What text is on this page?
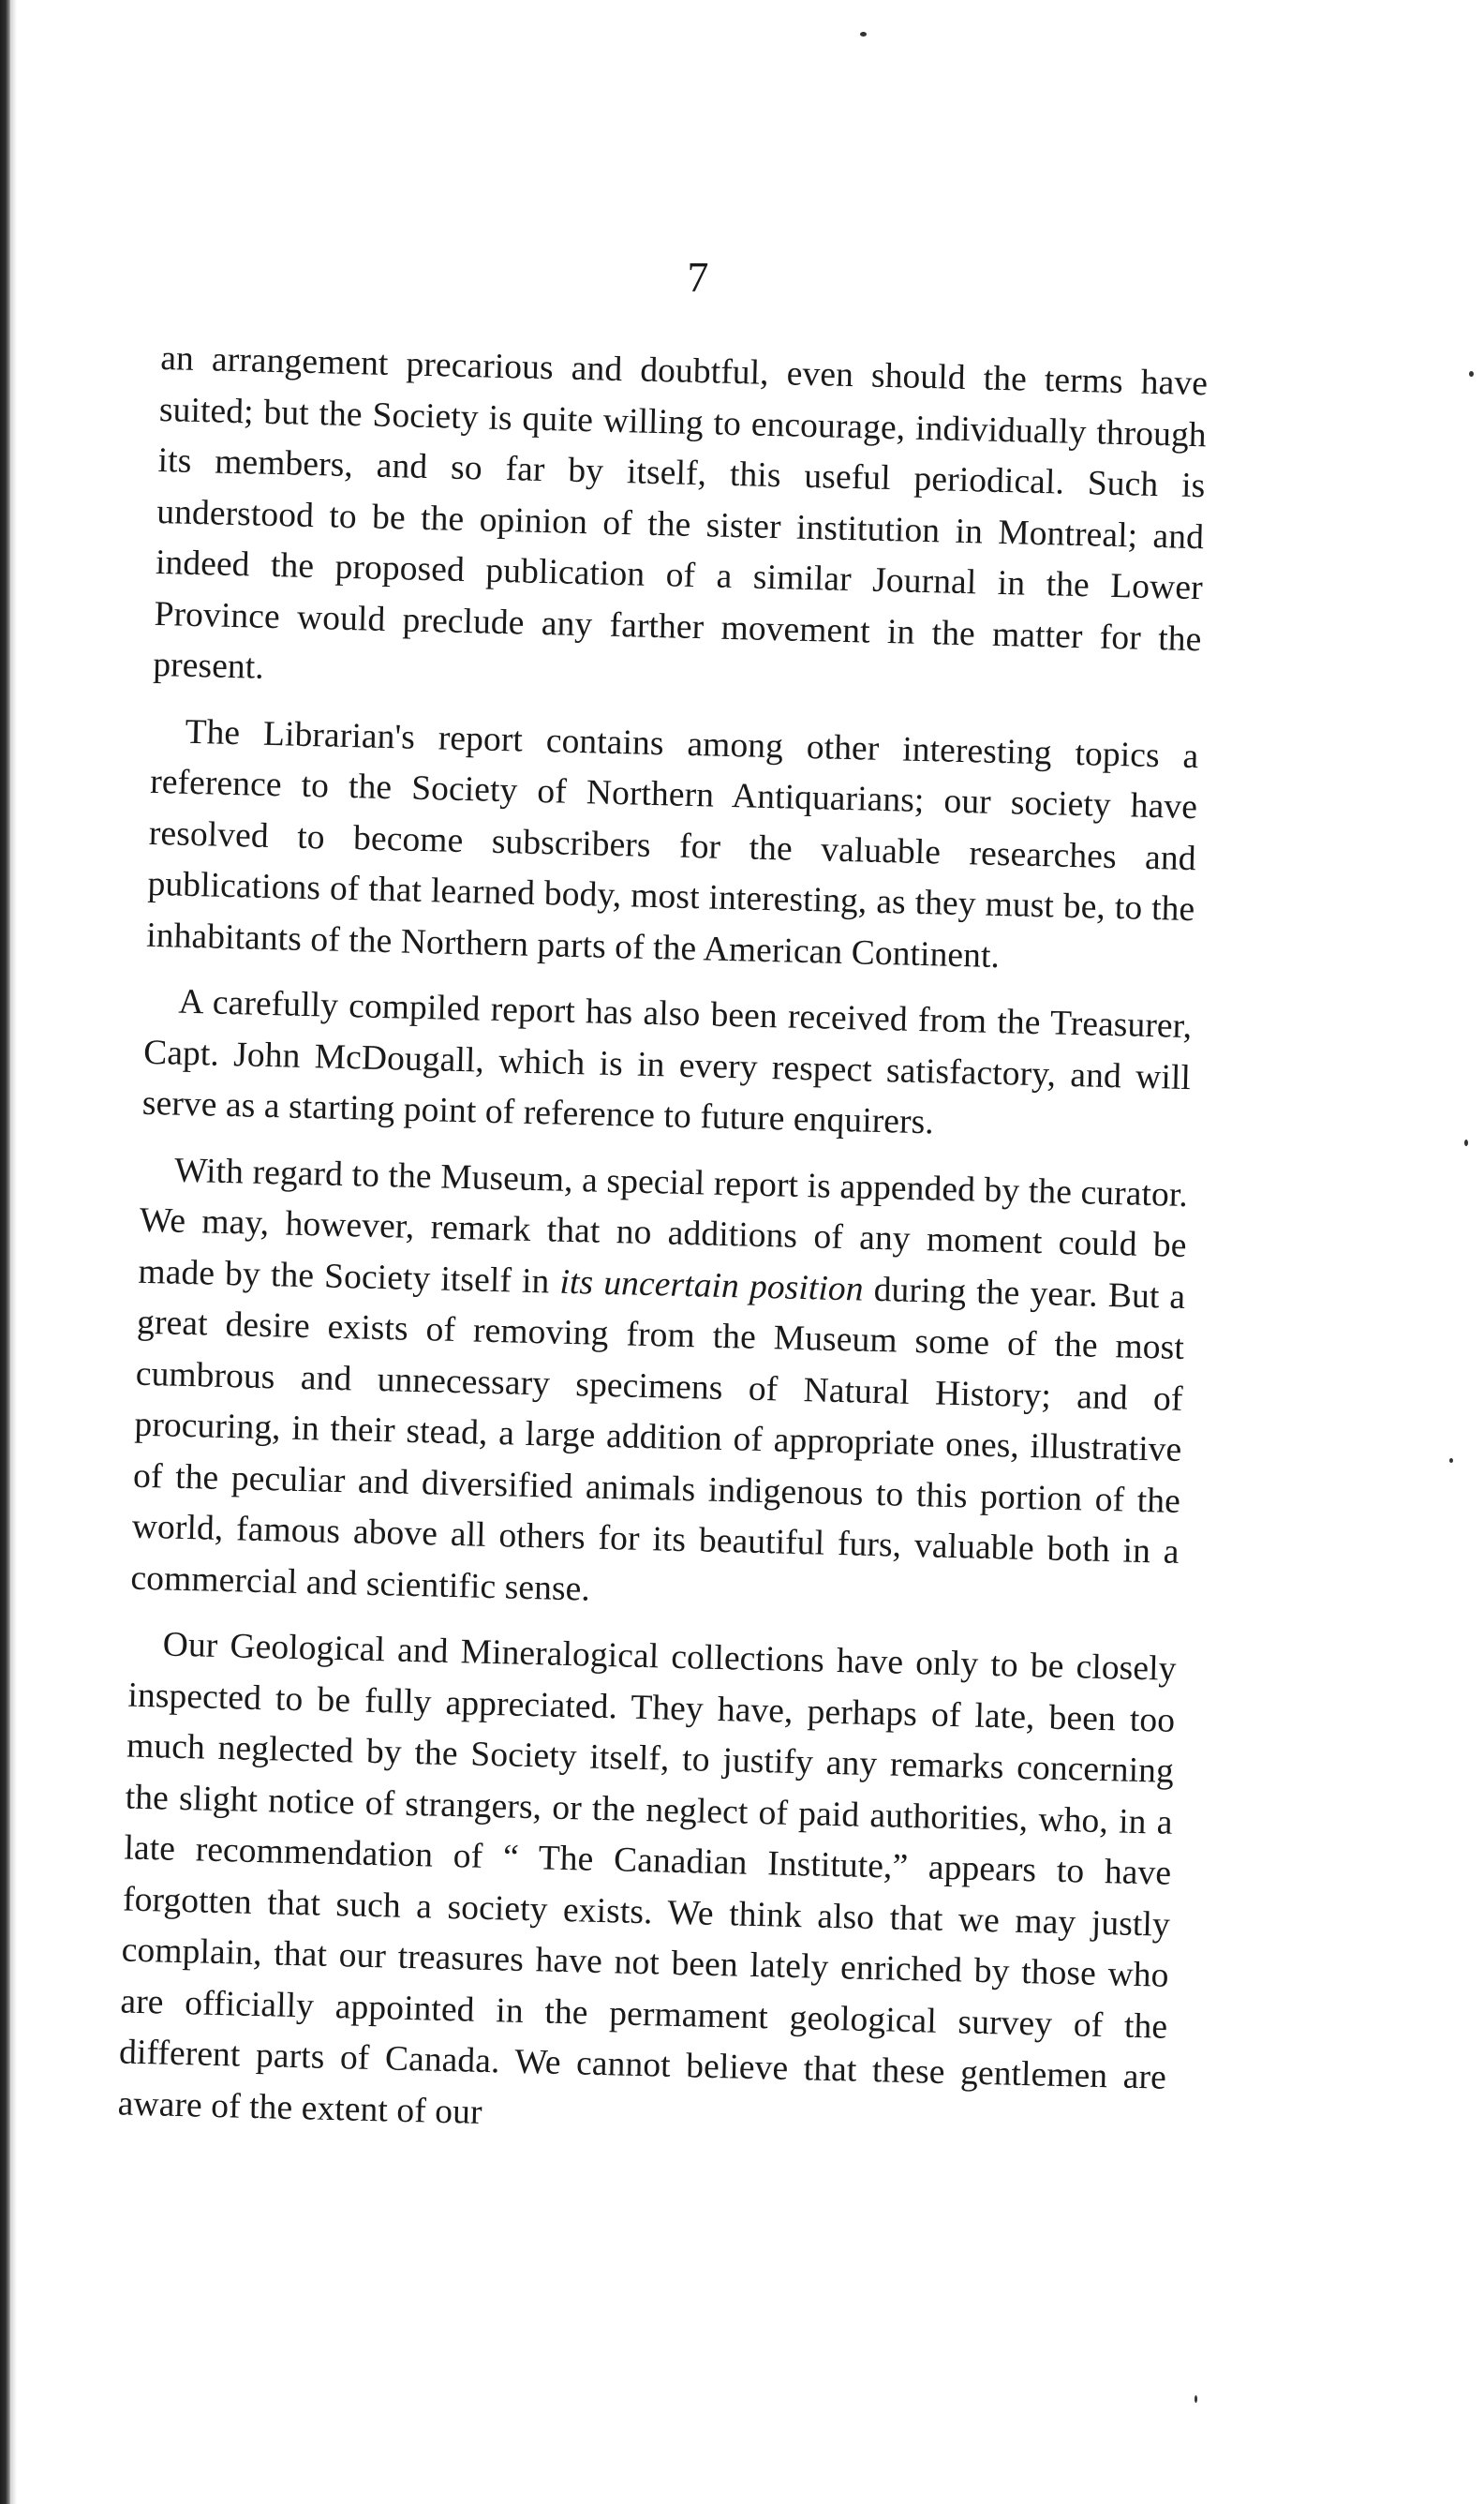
7

an arrangement precarious and doubtful, even should the terms have suited; but the Society is quite willing to encourage, individually through its members, and so far by itself, this useful periodical. Such is understood to be the opinion of the sister institution in Montreal; and indeed the proposed publication of a similar Journal in the Lower Province would preclude any farther movement in the matter for the present.

The Librarian's report contains among other interesting topics a reference to the Society of Northern Antiquarians; our society have resolved to become subscribers for the valuable researches and publications of that learned body, most interesting, as they must be, to the inhabitants of the Northern parts of the American Continent.

A carefully compiled report has also been received from the Treasurer, Capt. John McDougall, which is in every respect satisfactory, and will serve as a starting point of reference to future enquirers.

With regard to the Museum, a special report is appended by the curator. We may, however, remark that no additions of any moment could be made by the Society itself in its uncertain position during the year. But a great desire exists of removing from the Museum some of the most cumbrous and unnecessary specimens of Natural History; and of procuring, in their stead, a large addition of appropriate ones, illustrative of the peculiar and diversified animals indigenous to this portion of the world, famous above all others for its beautiful furs, valuable both in a commercial and scientific sense.

Our Geological and Mineralogical collections have only to be closely inspected to be fully appreciated. They have, perhaps of late, been too much neglected by the Society itself, to justify any remarks concerning the slight notice of strangers, or the neglect of paid authorities, who, in a late recommendation of “ The Canadian Institute,” appears to have forgotten that such a society exists. We think also that we may justly complain, that our treasures have not been lately enriched by those who are officially appointed in the permament geological survey of the different parts of Canada. We cannot believe that these gentlemen are aware of the extent of our
